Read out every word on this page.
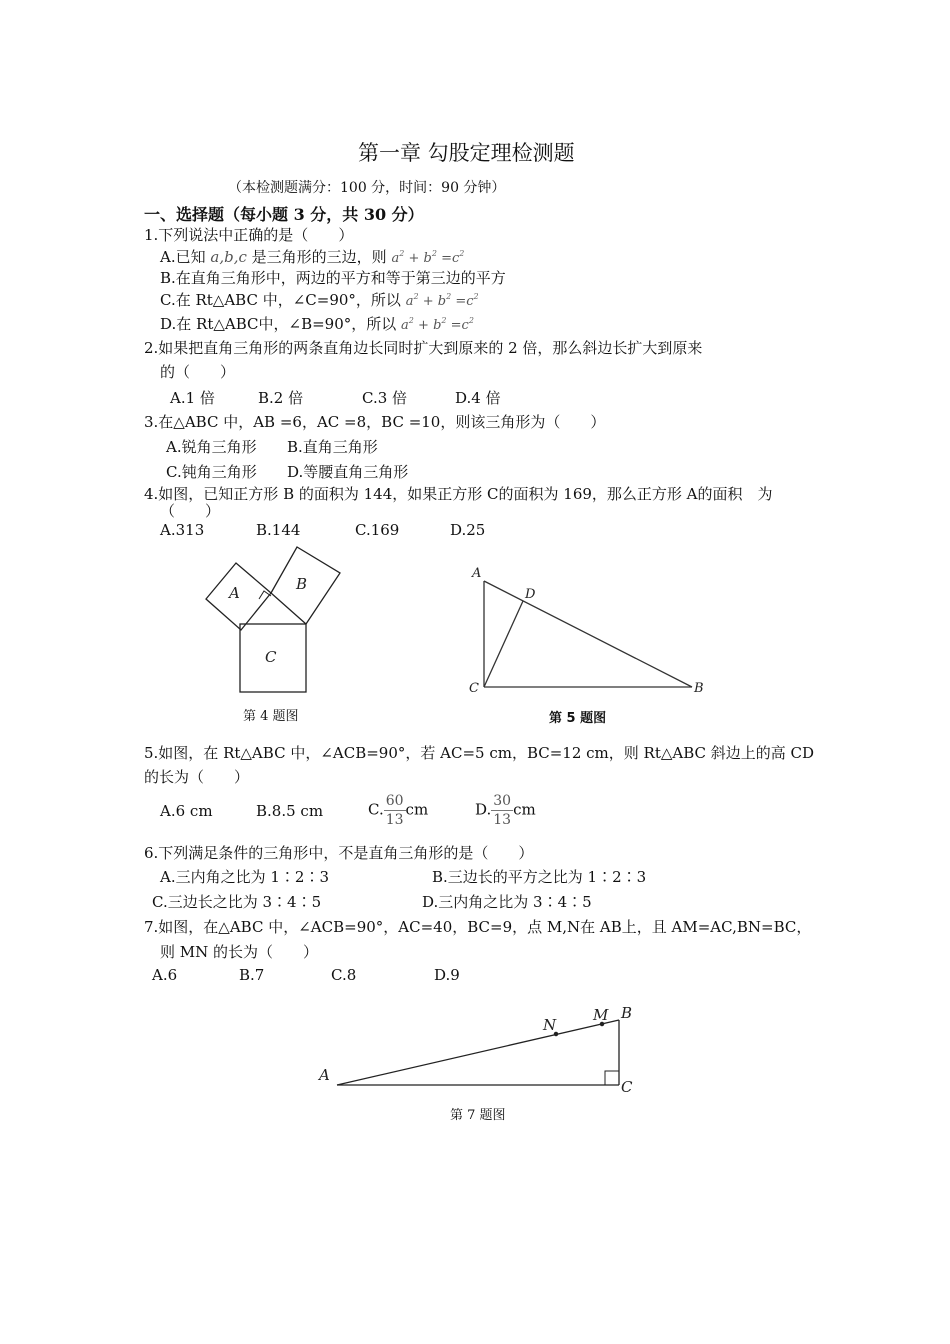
第一章 勾股定理检测题
（本检测题满分：100 分，时间：90 分钟）
一、选择题（每小题 3 分，共 30 分）
1.下列说法中正确的是（　　）
A.已知 a,b,c 是三角形的三边，则 $a^2 + b^2 =c^2$
B.在直角三角形中，两边的平方和等于第三边的平方
C.在 Rt△ABC 中，∠C=90°，所以 $a^2 + b^2 =c^2$
D.在 Rt△ABC中，∠B=90°，所以 $a^2 + b^2 =c^2$
2.如果把直角三角形的两条直角边长同时扩大到原来的 2 倍，那么斜边长扩大到原来
的（　　）
A.1 倍	B.2 倍	C.3 倍	D.4 倍
3.在△ABC 中，AB =6，AC =8，BC =10，则该三角形为（　　）
A.锐角三角形 B.直角三角形
C.钝角三角形 D.等腰直角三角形
4.如图，已知正方形 B 的面积为 144，如果正方形 C的面积为 169，那么正方形 A的面积　为
（　　）
A.313	B.144	C.169	D.25
A	B
C
A
D
C	B
A
N
M B
C
第 4 题图	第 5 题图
5.如图，在 Rt△ABC 中，∠ACB=90°，若 AC=5 cm，BC=12 cm，则 Rt△ABC 斜边上的高 CD
的长为（　　）
A.6 cm	B.8.5 cm	C. $\frac{60}{13}$ cm	D. $\frac{30}{13}$ cm
6.下列满足条件的三角形中，不是直角三角形的是（　　）
A.三内角之比为 1∶2∶3	B.三边长的平方之比为 1∶2∶3
C.三边长之比为 3∶4∶5	D.三内角之比为 3∶4∶5
7.如图，在△ABC 中，∠ACB=90°，AC=40，BC=9，点 M,N在 AB上，且 AM=AC,BN=BC，
则 MN 的长为（　　）
A.6	B.7	C.8	D.9
第 7 题图
